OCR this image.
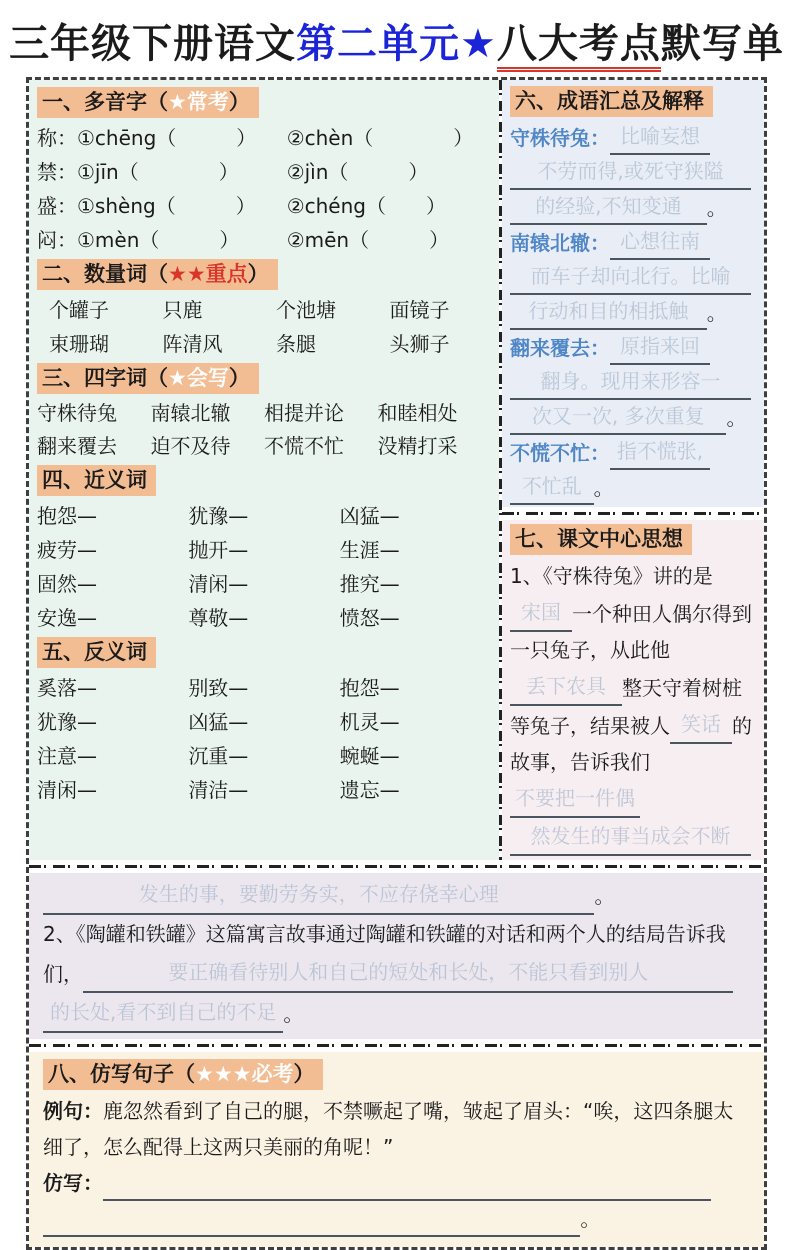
三年级下册语文第二单元★八大考点默写单
一、多音字（★常考）
称：①chēng（　　　）	②chèn（　　　　）
禁：①jīn（　　　　）	②jìn（　　　）
盛：①shèng（　　　）	②chéng（　　）
闷：①mèn（　　　）	②mēn（　　　）
二、数量词（★★重点）
个罐子	只鹿	个池塘	面镜子
束珊瑚	阵清风	条腿	头狮子
三、四字词（★会写）
守株待兔	南辕北辙	相提并论	和睦相处
翻来覆去	迫不及待	不慌不忙	没精打采
四、近义词
抱怨—	犹豫—	凶猛—
疲劳—	抛开—	生涯—
固然—	清闲—	推究—
安逸—	尊敬—	愤怒—
五、反义词
奚落—	别致—	抱怨—
犹豫—	凶猛—	机灵—
注意—	沉重—	蜿蜒—
清闲—	清洁—	遗忘—
六、成语汇总及解释
守株待兔： 比喻妄想
不劳而得,或死守狭隘
的经验,不知变通 。
南辕北辙： 心想往南
而车子却向北行。比喻
行动和目的相抵触 。
翻来覆去： 原指来回
翻身。现用来形容一
次又一次, 多次重复 。
不慌不忙： 指不慌张,
不忙乱 。
七、课文中心思想
1、《守株待兔》讲的是宋国 一个种田人偶尔得到一只兔子，从此他丢下农具 整天守着树桩等兔子，结果被人 笑话 的故事，告诉我们不要把一件偶 然发生的事当成会不断
发生的事，要勤劳务实，不应存侥幸心理	。
2、《陶罐和铁罐》这篇寓言故事通过陶罐和铁罐的对话和两个人的结局告诉我们，	要正确看待别人和自己的短处和长处，不能只看到别人 的长处,看不到自己的不足 。
八、仿写句子（★★★必考）
例句：鹿忽然看到了自己的腿，不禁噘起了嘴，皱起了眉头：“唉，这四条腿太细了，怎么配得上这两只美丽的角呢！”
仿写： 。
